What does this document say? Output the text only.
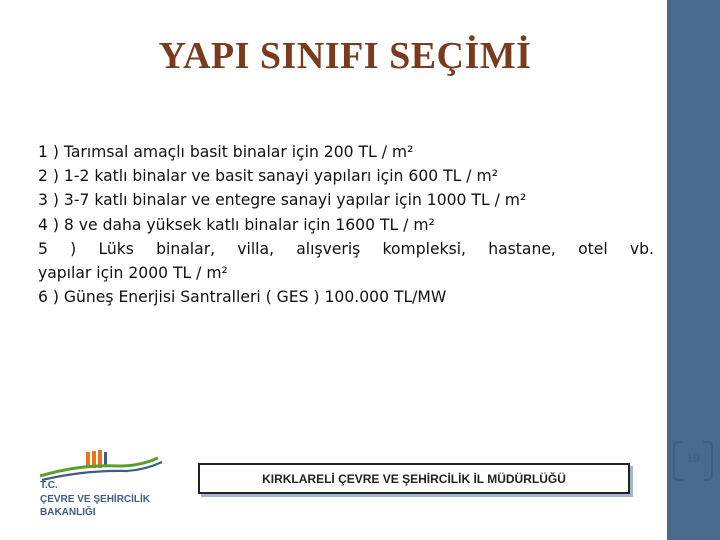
YAPI SINIFI SEÇİMİ
1 ) Tarımsal amaçlı basit binalar için 200 TL / m²
2 ) 1-2 katlı binalar ve basit sanayi yapıları için 600 TL / m²
3 ) 3-7 katlı binalar ve entegre sanayi yapılar için 1000 TL / m²
4 ) 8 ve daha yüksek katlı binalar için 1600 TL / m²
5 ) Lüks binalar, villa, alışveriş kompleksi, hastane, otel vb.
yapılar için 2000 TL / m²
6 ) Güneş Enerjisi Santralleri ( GES ) 100.000 TL/MW
19
T.C.
ÇEVRE VE ŞEHİRCİLİK
BAKANLIĞI
KIRKLARELİ ÇEVRE VE ŞEHİRCİLİK İL MÜDÜRLÜĞÜ
